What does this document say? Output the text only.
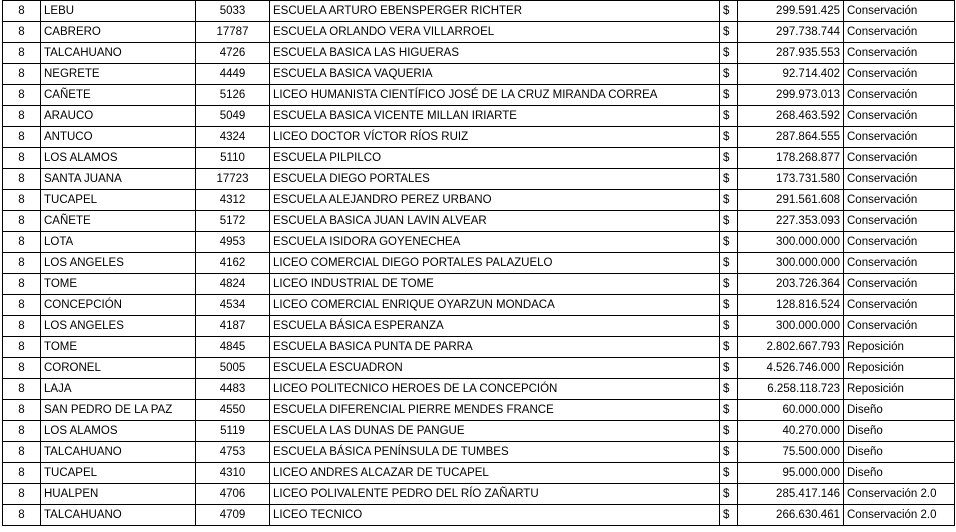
8	LEBU	5033	ESCUELA ARTURO EBENSPERGER RICHTER	$	299.591.425	Conservación
8	CABRERO	17787	ESCUELA ORLANDO VERA VILLARROEL	$	297.738.744	Conservación
8	TALCAHUANO	4726	ESCUELA BASICA LAS HIGUERAS	$	287.935.553	Conservación
8	NEGRETE	4449	ESCUELA BASICA VAQUERIA	$	92.714.402	Conservación
8	CAÑETE	5126	LICEO HUMANISTA CIENTÍFICO JOSÉ DE LA CRUZ MIRANDA CORREA	$	299.973.013	Conservación
8	ARAUCO	5049	ESCUELA BASICA VICENTE MILLAN IRIARTE	$	268.463.592	Conservación
8	ANTUCO	4324	LICEO DOCTOR VÍCTOR RÍOS RUIZ	$	287.864.555	Conservación
8	LOS ALAMOS	5110	ESCUELA PILPILCO	$	178.268.877	Conservación
8	SANTA JUANA	17723	ESCUELA DIEGO PORTALES	$	173.731.580	Conservación
8	TUCAPEL	4312	ESCUELA ALEJANDRO PEREZ URBANO	$	291.561.608	Conservación
8	CAÑETE	5172	ESCUELA BASICA JUAN LAVIN ALVEAR	$	227.353.093	Conservación
8	LOTA	4953	ESCUELA ISIDORA GOYENECHEA	$	300.000.000	Conservación
8	LOS ANGELES	4162	LICEO COMERCIAL DIEGO PORTALES PALAZUELO	$	300.000.000	Conservación
8	TOME	4824	LICEO INDUSTRIAL DE TOME	$	203.726.364	Conservación
8	CONCEPCIÓN	4534	LICEO COMERCIAL ENRIQUE OYARZUN MONDACA	$	128.816.524	Conservación
8	LOS ANGELES	4187	ESCUELA BÁSICA ESPERANZA	$	300.000.000	Conservación
8	TOME	4845	ESCUELA BASICA PUNTA DE PARRA	$	2.802.667.793	Reposición
8	CORONEL	5005	ESCUELA ESCUADRON	$	4.526.746.000	Reposición
8	LAJA	4483	LICEO POLITECNICO HEROES DE LA CONCEPCIÓN	$	6.258.118.723	Reposición
8	SAN PEDRO DE LA PAZ	4550	ESCUELA DIFERENCIAL PIERRE MENDES FRANCE	$	60.000.000	Diseño
8	LOS ALAMOS	5119	ESCUELA LAS DUNAS DE PANGUE	$	40.270.000	Diseño
8	TALCAHUANO	4753	ESCUELA BÁSICA PENÍNSULA DE TUMBES	$	75.500.000	Diseño
8	TUCAPEL	4310	LICEO ANDRES ALCAZAR DE TUCAPEL	$	95.000.000	Diseño
8	HUALPEN	4706	LICEO POLIVALENTE PEDRO DEL RÍO ZAÑARTU	$	285.417.146	Conservación 2.0
8	TALCAHUANO	4709	LICEO TECNICO	$	266.630.461	Conservación 2.0
